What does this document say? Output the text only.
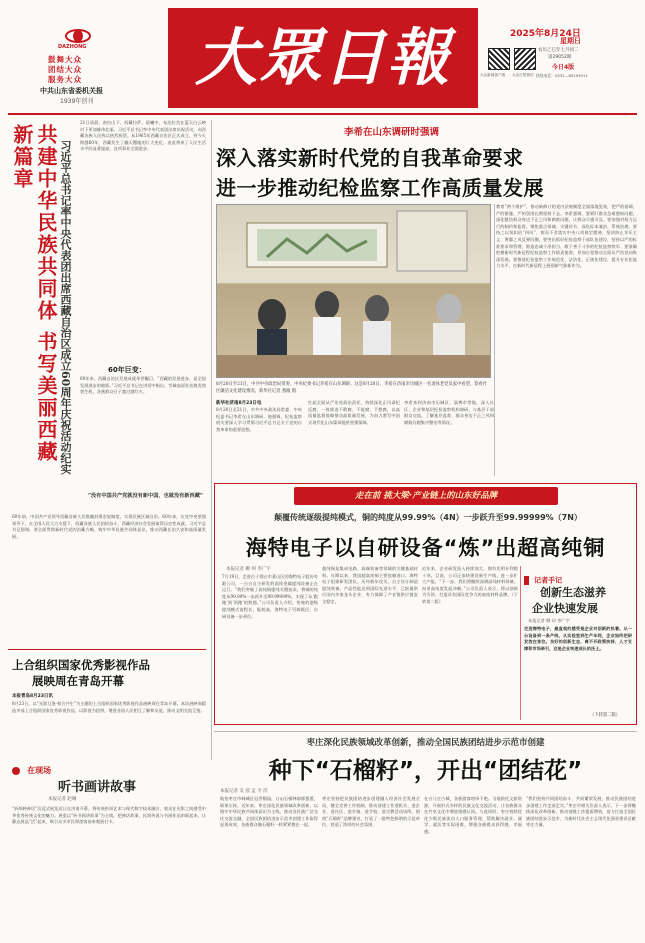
DAZHONG
鼓舞大众
团结大众
服务大众
中共山东省委机关报
1939年创刊
大眾日報	2025年8月24日
星期日
农历乙巳年七月初二
第29052期
今日4版
大众新闻客户端 大众日报微信 热线电话：0531—85193911
共建中华民族共同体 书写美丽西藏新篇章	习近平总书记率中央代表团出席西藏自治区成立60周年庆祝活动纪实
21日清晨，南拉山下，西藏拉萨，晨曦中，布达拉宫在蓝天白云映衬下更加雄伟壮丽。习近平总书记率中央代表团出席庆祝活动，向西藏各族人民致以热烈祝贺。从1965年西藏自治区正式成立，到今天跨越60年，西藏发生了翻天覆地的巨大变化。由此带来了人民生活水平的显著提高，各项事业全面进步。
60年巨变：
60年来，西藏自治区发展成就举世瞩目。“西藏的发展进步，是全国发展进步的缩影。”习近平总书记在讲话中指出。雪域高原处处焕发勃勃生机，各族群众日子越过越红火。
“没有中国共产党就没有新中国，也就没有新西藏”
60年前，中国共产党领导西藏各族人民推翻封建农奴制度，实现民族区域自治。60年来，在党中央坚强领导下，在全国人民大力支援下，西藏各族人民团结奋斗，西藏经济社会发展取得历史性成就。习近平总书记强调，要全面贯彻新时代党的治藏方略，铸牢中华民族共同体意识，推动西藏长治久安和高质量发展。
上合组织国家优秀影视作品
展映周在青岛开幕
本报青岛8月23日讯
8月23日，以“光影互鉴·和合共生”为主题的上合组织国家优秀影视作品展映周在青岛开幕。本次展映周精选多部上合组织国家优秀影视作品，以影视为纽带，增进各国人民相互了解和友谊，推动文明交流互鉴。
在现场
听书画讲故事
本报记者 赵琳
“折纸映神话”沉浸式展览近日在济南开幕。将传统折纸艺术与现代数字技术融合，观众在光影之间感受中华优秀传统文化的魅力。展览以“听书画讲故事”为主线，把神话故事、民间传说与书画作品串联起来，让静态展品“活”起来，吸引众多市民和游客前来观展打卡。
李希在山东调研时强调
深入落实新时代党的自我革命要求
进一步推动纪检监察工作高质量发展
8月20日至21日，中共中央政治局常委、中央纪委书记李希在山东调研。这是8月20日，李希在济南市历城区一名退休老党员家中看望，察看社区廉洁文化建设情况。新华社记者 燕雁 摄
新华社济南8月23日电
8月20日至21日，中共中央政治局常委、中央纪委书记李希在山东调研。他强调，纪检监察机关要深入学习贯彻习近平总书记关于党的自我革命的重要思想。
扛起全面从严治党政治责任，持续深化正风肃纪反腐，一体推进不敢腐、不能腐、不想腐，以高质量监督保障推动高质量发展，为奋力谱写中国式现代化山东篇章提供坚强保障。
李希来到济南市历城区、淄博市等地，深入社区、企业和基层纪检监察机构调研，与基层干部群众交流，了解基层监督、群众身边不正之风和腐败问题集中整治等情况。
教育“两个维护”，推动新修订的党内法规制度全面落地见效，把严的基调、严的措施、严的氛围长期坚持下去。李希强调，要紧盯群众急难愁盼问题，深化整治群众身边不正之风和腐败问题，让群众可感可及。要加强对权力运行的制约和监督，聚焦重点领域、关键环节，深化标本兼治、系统治理。要持之以恒纠治“四风”，锲而不舍落实中央八项规定精神，坚决防止享乐主义、奢靡之风反弹回潮。要突出抓好纪检监察干部队伍建设，坚持以严的标准要求和管理，锻造忠诚干净担当、敢于善于斗争的纪检监察铁军。要准确把握新时代新征程纪检监察工作职责使命，更加自觉推动全面从严治党向纵深发展。要推进纪检监察工作规范化、法治化、正规化建设，提升专业化能力水平，在新时代新征程上展现新气象新作为。
走在前 挑大梁·产业链上的山东好品牌
颠覆传统逐级提纯模式，铜的纯度从99.99%（4N）一步跃升至99.99999%（7N）
海特电子以自研设备“炼”出超高纯铜
本报记者 柳 珂 李广宇
7月19日，走进位于烟台市莱山区的海特电子股份有限公司，一台台自主研发的高纯金属提纯设备正在运行。“我们突破了高纯铜提纯关键技术，将铜的纯度从99.99%一步跃升至99.99999%，实现了从‘跟跑’到‘领跑’的跨越。”公司负责人介绍。传统的逐级提纯模式流程长、能耗高，海特电子另辟蹊径，自研设备一步到位。
超纯铜是集成电路、高端装备等领域的关键基础材料。长期以来，我国超高纯铜主要依赖进口。海特电子组建研发团队，历经数年攻关，自主设计制造提纯装备，产品性能达到国际先进水平，已批量供应国内多家龙头企业，有力保障了产业链供应链安全稳定。
近年来，企业研发投入持续加大，拥有发明专利数十项。目前，公司正加快建设新生产线，进一步扩大产能。“下一步，我们将继续深耕高纯材料领域，向更高纯度发起冲刺。”公司负责人表示，将以创新为引领，打造具有国际竞争力的高纯材料品牌。（下转第二版）
记者手记
创新生态滋养
企业快速发展
本报记者 柳 珂 李广宇
走进海特电子，最直观的感受是企业对创新的执着。从一台设备到一条产线，从实验室到生产车间，企业始终把研发放在首位。良好的创新生态，离不开政策扶持、人才支撑和市场牵引，这是企业快速成长的沃土。
（下转第二版）
枣庄深化民族领域改革创新，推动全国民族团结进步示范市创建
种下“石榴籽”，开出“团结花”
本报记者 吴 茵 孟 令 洋
航拍枣庄市峄城区冠世榴园，万亩石榴林郁郁葱葱，硕果压枝。近年来，枣庄深化民族领域改革创新，以铸牢中华民族共同体意识为主线，推动各民族广泛交往交流交融，全国民族团结进步示范市创建工作取得显著成效，各族群众像石榴籽一样紧紧抱在一起。
枣庄坚持把民族团结进步创建融入经济社会发展全局，健全完善工作机制，推动创建工作进机关、进企业、进社区、进乡镇、进学校、进宗教活动场所。围绕“石榴籽”品牌建设，打造了一批特色鲜明的示范单位，营造了浓厚的社会氛围。
在台儿庄古城，各族游客络绎不绝。当地依托文旅资源，开展形式多样的民族文化交流活动，让各族群众在共享文化中增进情感认同。与此同时，枣庄持续优化少数民族流动人口服务管理，帮助解决就业、就学、就医等实际困难，增强各族群众获得感、幸福感。
“我们坚持共同团结奋斗、共同繁荣发展，推动民族团结进步创建工作走深走实。”枣庄市相关负责人表示，下一步将继续深化改革创新，推动创建工作提质增效，奋力打造全国民族团结进步示范市，为新时代社会主义现代化强省建设贡献枣庄力量。
